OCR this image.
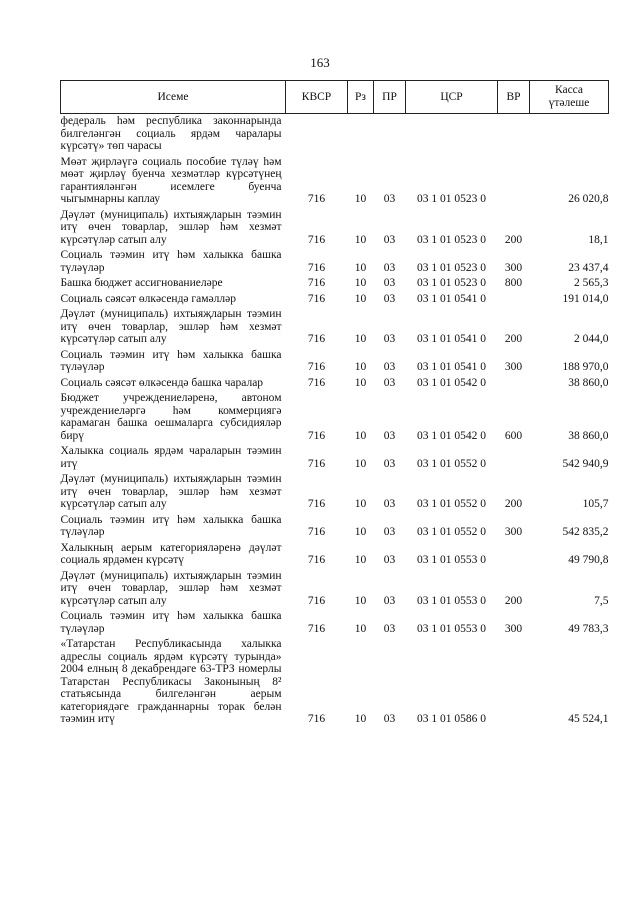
163
Исеме	КВСР	Рз	ПР	ЦСР	ВР	Касса
үтәлеше

федераль һәм республика законнарында билгеләнгән социаль ярдәм чаралары күрсәтү» төп чарасы						
Мөәт җирләүгә социаль пособие түләү һәм мөәт җирләү буенча хезмәтләр күрсәтүнең гарантияләнгән исемлеге буенча чыгымнарны каплау	716	10	03	03 1 01 0523 0		26 020,8
Дәүләт (муниципаль) ихтыяҗларын тәэмин итү өчен товарлар, эшләр һәм хезмәт күрсәтүләр сатып алу	716	10	03	03 1 01 0523 0	200	18,1
Социаль тәэмин итү һәм халыкка башка түләүләр	716	10	03	03 1 01 0523 0	300	23 437,4
Башка бюджет ассигнованиеләре	716	10	03	03 1 01 0523 0	800	2 565,3
Социаль сәясәт өлкәсендә гамәлләр	716	10	03	03 1 01 0541 0		191 014,0
Дәүләт (муниципаль) ихтыяҗларын тәэмин итү өчен товарлар, эшләр һәм хезмәт күрсәтүләр сатып алу	716	10	03	03 1 01 0541 0	200	2 044,0
Социаль тәэмин итү һәм халыкка башка түләүләр	716	10	03	03 1 01 0541 0	300	188 970,0
Социаль сәясәт өлкәсендә башка чаралар	716	10	03	03 1 01 0542 0		38 860,0
Бюджет учреждениеләренә, автоном учреждениеләргә һәм коммерциягә карамаган башка оешмаларга субсидияләр бирү	716	10	03	03 1 01 0542 0	600	38 860,0
Халыкка социаль ярдәм чараларын тәэмин итү	716	10	03	03 1 01 0552 0		542 940,9
Дәүләт (муниципаль) ихтыяҗларын тәэмин итү өчен товарлар, эшләр һәм хезмәт күрсәтүләр сатып алу	716	10	03	03 1 01 0552 0	200	105,7
Социаль тәэмин итү һәм халыкка башка түләүләр	716	10	03	03 1 01 0552 0	300	542 835,2
Халыкның аерым категорияләренә дәүләт социаль ярдәмен күрсәтү	716	10	03	03 1 01 0553 0		49 790,8
Дәүләт (муниципаль) ихтыяҗларын тәэмин итү өчен товарлар, эшләр һәм хезмәт күрсәтүләр сатып алу	716	10	03	03 1 01 0553 0	200	7,5
Социаль тәэмин итү һәм халыкка башка түләүләр	716	10	03	03 1 01 0553 0	300	49 783,3
«Татарстан Республикасында халыкка адреслы социаль ярдәм күрсәтү турында» 2004 елның 8 декабрендәге 63-ТРЗ номерлы Татарстан Республикасы Законының 8² статьясында билгеләнгән аерым категориядәге гражданнарны торак белән тәэмин итү	716	10	03	03 1 01 0586 0		45 524,1
